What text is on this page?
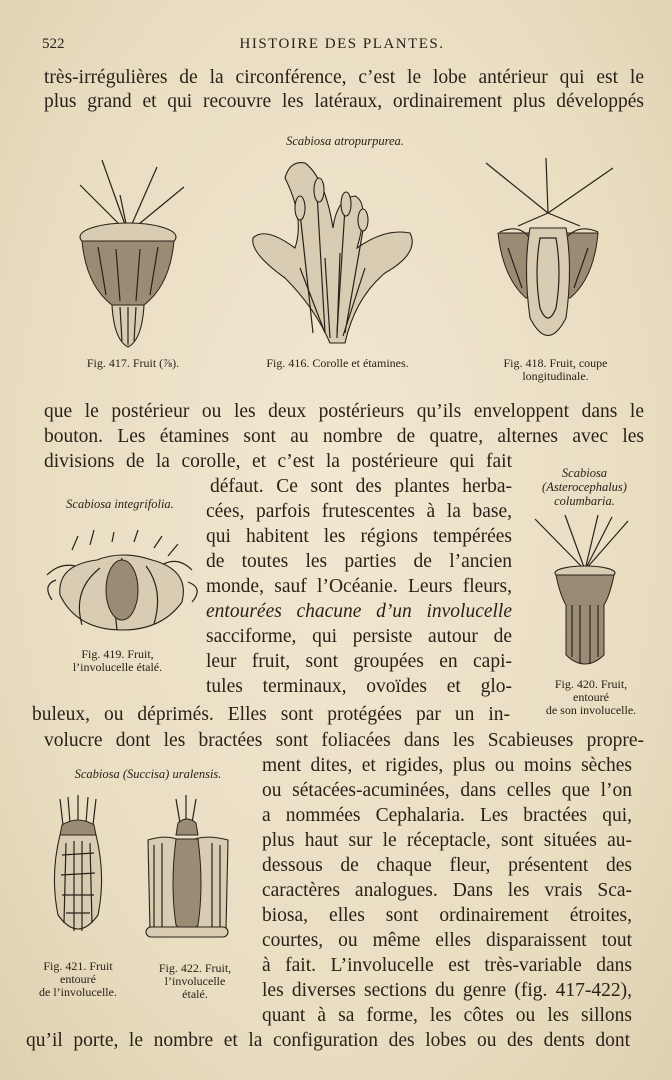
522	HISTOIRE DES PLANTES.
très-irrégulières de la circonférence, c’est le lobe antérieur qui est le
plus grand et qui recouvre les latéraux, ordinairement plus développés
Scabiosa atropurpurea.
Fig. 417. Fruit (⅞).	Fig. 416. Corolle et étamines.	Fig. 418. Fruit, coupe
longitudinale.
que le postérieur ou les deux postérieurs qu’ils enveloppent dans le
bouton. Les étamines sont au nombre de quatre, alternes avec les
divisions de la corolle, et c’est la postérieure qui fait
défaut. Ce sont des plantes herba-
cées, parfois frutescentes à la base,
qui habitent les régions tempérées
de toutes les parties de l’ancien
monde, sauf l’Océanie. Leurs fleurs,
entourées chacune d’un involucelle
sacciforme, qui persiste autour de
leur fruit, sont groupées en capi-
tules terminaux, ovoïdes et glo-
Scabiosa integrifolia.
Fig. 419. Fruit,
l’involucelle étalé.
Scabiosa
(Asterocephalus)
columbaria.
Fig. 420. Fruit,
entouré
de son involucelle.
buleux, ou déprimés. Elles sont protégées par un in-
volucre dont les bractées sont foliacées dans les Scabieuses propre-
ment dites, et rigides, plus ou moins sèches
ou sétacées-acuminées, dans celles que l’on
a nommées Cephalaria. Les bractées qui,
plus haut sur le réceptacle, sont situées au-
dessous de chaque fleur, présentent des
caractères analogues. Dans les vrais Sca-
biosa, elles sont ordinairement étroites,
courtes, ou même elles disparaissent tout
à fait. L’involucelle est très-variable dans
les diverses sections du genre (fig. 417-422),
quant à sa forme, les côtes ou les sillons
Scabiosa (Succisa) uralensis.
Fig. 421. Fruit
entouré
de l’involucelle.
Fig. 422. Fruit,
l’involucelle
étalé.
qu’il porte, le nombre et la configuration des lobes ou des dents dont
